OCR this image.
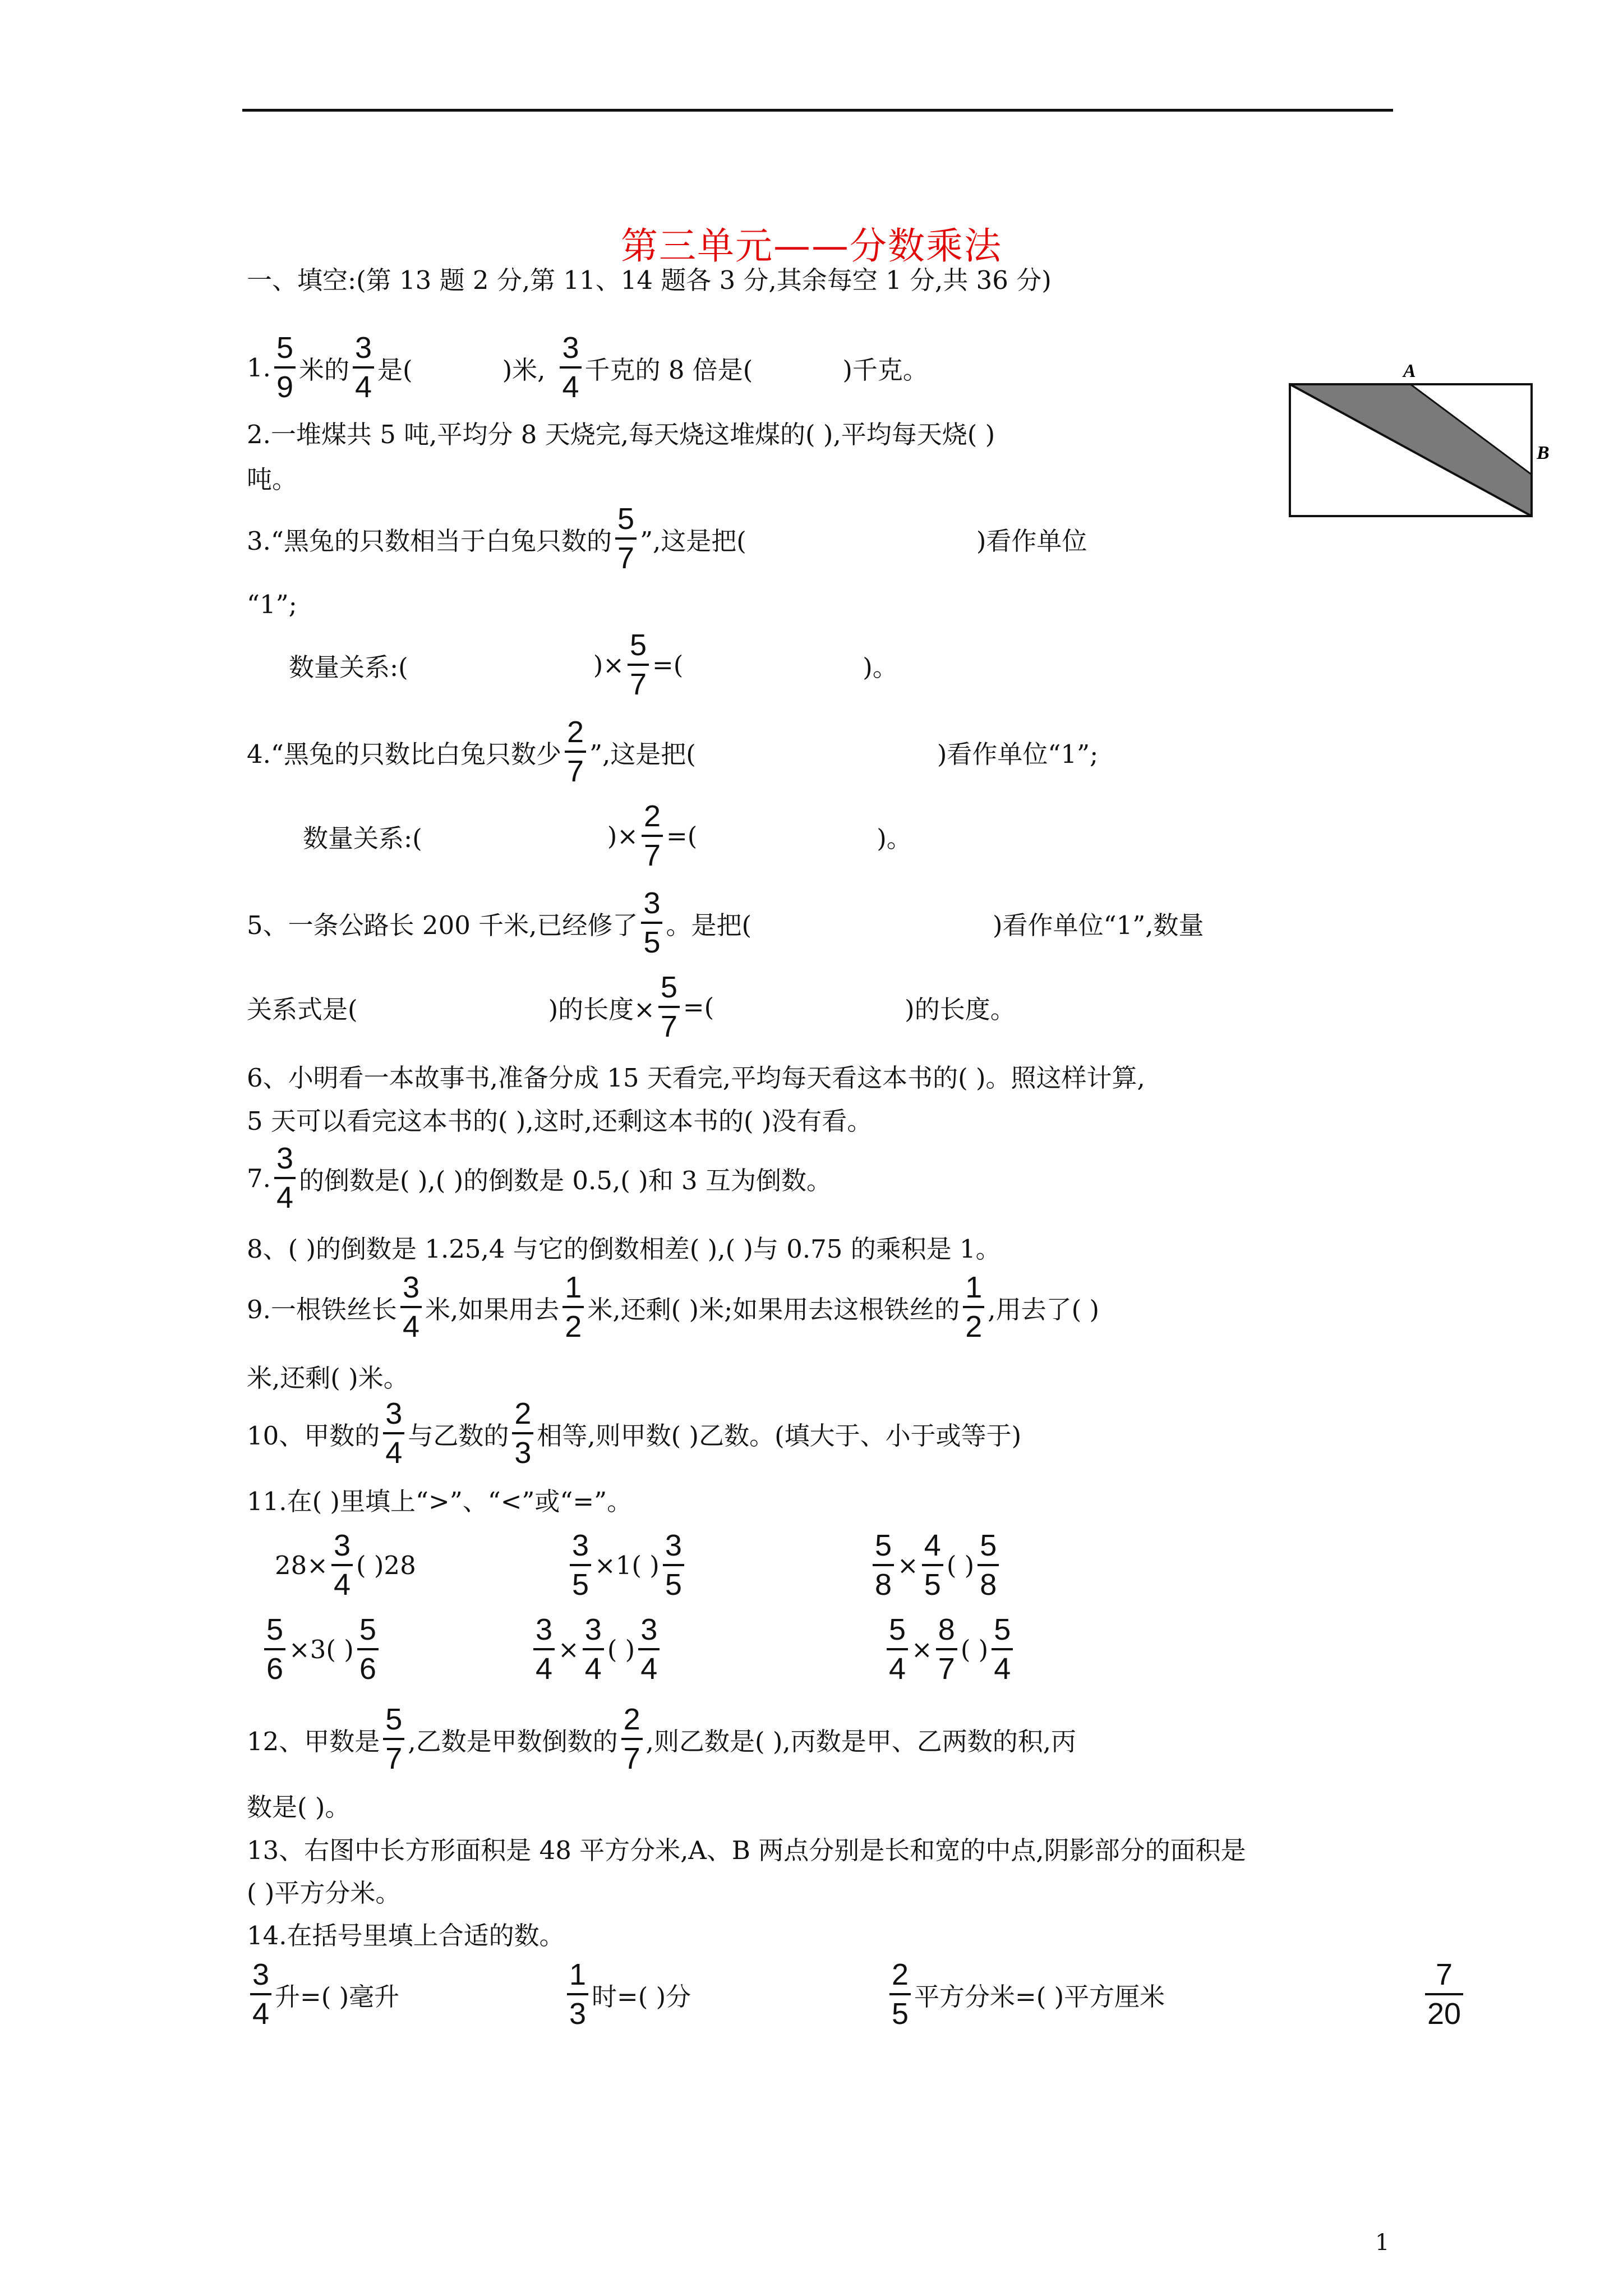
第三单元——分数乘法
一、填空:(第 13 题 2 分,第 11、14 题各 3 分,其余每空 1 分,共 36 分)
1. $\frac{5}{9}$ 米的 $\frac{3}{4}$ 是(	)米, $\frac{3}{4}$ 千克的 8 倍是(	)千克。	A
B
2.一堆煤共 5 吨,平均分 8 天烧完,每天烧这堆煤的( ),平均每天烧( )
吨。
3.“黑兔的只数相当于白兔只数的 $\frac{5}{7}$ ”,这是把(	)看作单位
“1”;
数量关系:(	)× $\frac{5}{7}$ =(	)。
4.“黑兔的只数比白兔只数少 $\frac{2}{7}$ ”,这是把(	)看作单位“1”;
数量关系:(	)× $\frac{2}{7}$ =(	)。
5、一条公路长 200 千米,已经修了 $\frac{3}{5}$ 。是把(	)看作单位“1”,数量
关系式是(	)的长度× $\frac{5}{7}$ =(	)的长度。
6、小明看一本故事书,准备分成 15 天看完,平均每天看这本书的( )。照这样计算,
5 天可以看完这本书的( ),这时,还剩这本书的( )没有看。
7. $\frac{3}{4}$ 的倒数是( ),( )的倒数是 0.5,( )和 3 互为倒数。
8、( )的倒数是 1.25,4 与它的倒数相差( ),( )与 0.75 的乘积是 1。
9.一根铁丝长 $\frac{3}{4}$ 米,如果用去 $\frac{1}{2}$ 米,还剩( )米;如果用去这根铁丝的 $\frac{1}{2}$ ,用去了( )
米,还剩( )米。
10、甲数的 $\frac{3}{4}$ 与乙数的 $\frac{2}{3}$ 相等,则甲数( )乙数。(填大于、小于或等于)
11.在( )里填上“>”、“<”或“=”。
$28\times \frac{3}{4}$ ( )28	$\frac{3}{5} \times 1$( ) $\frac{3}{5}$	$\frac{5}{8} \times \frac{4}{5}$ ( ) $\frac{5}{8}$
$\frac{5}{6} \times 3$( ) $\frac{5}{6}$	$\frac{3}{4} \times \frac{3}{4}$ ( ) $\frac{3}{4}$	$\frac{5}{4} \times \frac{8}{7}$ ( ) $\frac{5}{4}$
12、甲数是 $\frac{5}{7}$ ,乙数是甲数倒数的 $\frac{2}{7}$ ,则乙数是( ),丙数是甲、乙两数的积,丙
数是( )。
13、右图中长方形面积是 48 平方分米,A、B 两点分别是长和宽的中点,阴影部分的面积是
( )平方分米。
14.在括号里填上合适的数。
$\frac{3}{4}$ 升=( )毫升	$\frac{1}{3}$ 时=( )分	$\frac{2}{5}$ 平方分米=( )平方厘米	$\frac{7}{20}$
1
